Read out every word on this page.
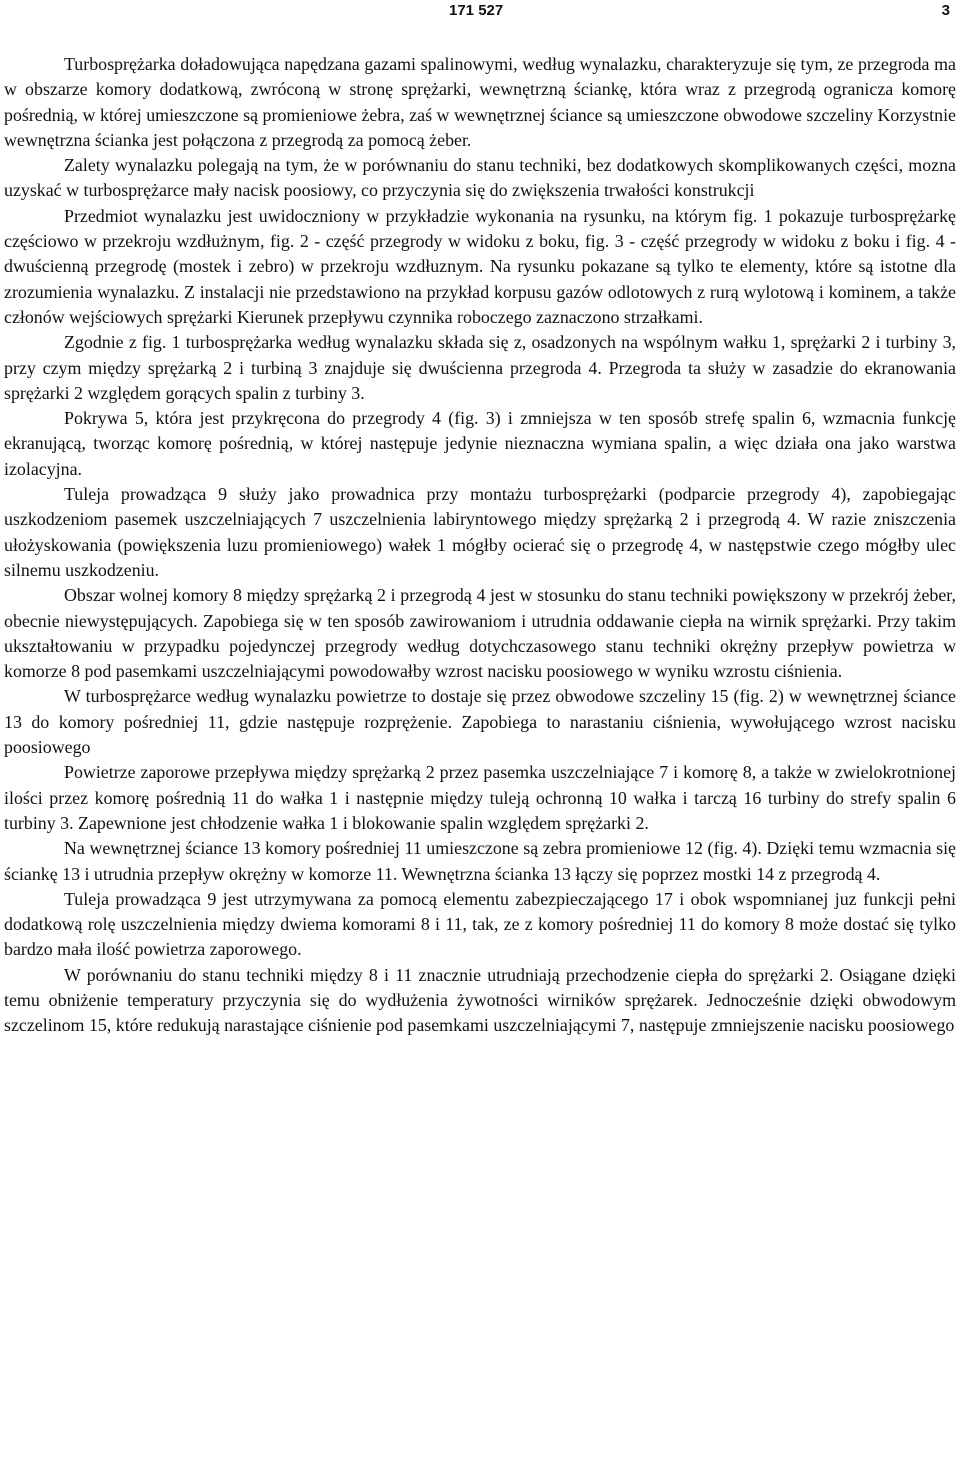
171 527	3

Turbosprężarka doładowująca napędzana gazami spalinowymi, według wynalazku, charakteryzuje się tym, ze przegroda ma w obszarze komory dodatkową, zwróconą w stronę sprężarki, wewnętrzną ściankę, która wraz z przegrodą ogranicza komorę pośrednią, w której umieszczone są promieniowe żebra, zaś w wewnętrznej ściance są umieszczone obwodowe szczeliny Korzystnie wewnętrzna ścianka jest połączona z przegrodą za pomocą żeber.

Zalety wynalazku polegają na tym, że w porównaniu do stanu techniki, bez dodatkowych skomplikowanych części, mozna uzyskać w turbosprężarce mały nacisk poosiowy, co przyczynia się do zwiększenia trwałości konstrukcji

Przedmiot wynalazku jest uwidoczniony w przykładzie wykonania na rysunku, na którym fig. 1 pokazuje turbosprężarkę częściowo w przekroju wzdłużnym, fig. 2 - część przegrody w widoku z boku, fig. 3 - część przegrody w widoku z boku i fig. 4 - dwuścienną przegrodę (mostek i zebro) w przekroju wzdłuznym. Na rysunku pokazane są tylko te elementy, które są istotne dla zrozumienia wynalazku. Z instalacji nie przedstawiono na przykład korpusu gazów odlotowych z rurą wylotową i kominem, a także członów wejściowych sprężarki Kierunek przepływu czynnika roboczego zaznaczono strzałkami.

Zgodnie z fig. 1 turbosprężarka według wynalazku składa się z, osadzonych na wspólnym wałku 1, sprężarki 2 i turbiny 3, przy czym między sprężarką 2 i turbiną 3 znajduje się dwuścienna przegroda 4. Przegroda ta służy w zasadzie do ekranowania sprężarki 2 względem gorących spalin z turbiny 3.

Pokrywa 5, która jest przykręcona do przegrody 4 (fig. 3) i zmniejsza w ten sposób strefę spalin 6, wzmacnia funkcję ekranującą, tworząc komorę pośrednią, w której następuje jedynie nieznaczna wymiana spalin, a więc działa ona jako warstwa izolacyjna.

Tuleja prowadząca 9 służy jako prowadnica przy montażu turbosprężarki (podparcie przegrody 4), zapobiegając uszkodzeniom pasemek uszczelniających 7 uszczelnienia labiryntowego między sprężarką 2 i przegrodą 4. W razie zniszczenia ułożyskowania (powiększenia luzu promieniowego) wałek 1 mógłby ocierać się o przegrodę 4, w następstwie czego mógłby ulec silnemu uszkodzeniu.

Obszar wolnej komory 8 między sprężarką 2 i przegrodą 4 jest w stosunku do stanu techniki powiększony w przekrój żeber, obecnie niewystępujących. Zapobiega się w ten sposób zawirowaniom i utrudnia oddawanie ciepła na wirnik sprężarki. Przy takim ukształtowaniu w przypadku pojedynczej przegrody według dotychczasowego stanu techniki okrężny przepływ powietrza w komorze 8 pod pasemkami uszczelniającymi powodowałby wzrost nacisku poosiowego w wyniku wzrostu ciśnienia.

W turbosprężarce według wynalazku powietrze to dostaje się przez obwodowe szczeliny 15 (fig. 2) w wewnętrznej ściance 13 do komory pośredniej 11, gdzie następuje rozprężenie. Zapobiega to narastaniu ciśnienia, wywołującego wzrost nacisku poosiowego

Powietrze zaporowe przepływa między sprężarką 2 przez pasemka uszczelniające 7 i komorę 8, a także w zwielokrotnionej ilości przez komorę pośrednią 11 do wałka 1 i następnie między tuleją ochronną 10 wałka i tarczą 16 turbiny do strefy spalin 6 turbiny 3. Zapewnione jest chłodzenie wałka 1 i blokowanie spalin względem sprężarki 2.

Na wewnętrznej ściance 13 komory pośredniej 11 umieszczone są zebra promieniowe 12 (fig. 4). Dzięki temu wzmacnia się ściankę 13 i utrudnia przepływ okrężny w komorze 11. Wewnętrzna ścianka 13 łączy się poprzez mostki 14 z przegrodą 4.

Tuleja prowadząca 9 jest utrzymywana za pomocą elementu zabezpieczającego 17 i obok wspomnianej juz funkcji pełni dodatkową rolę uszczelnienia między dwiema komorami 8 i 11, tak, ze z komory pośredniej 11 do komory 8 może dostać się tylko bardzo mała ilość powietrza zaporowego.

W porównaniu do stanu techniki między 8 i 11 znacznie utrudniają przechodzenie ciepła do sprężarki 2. Osiągane dzięki temu obniżenie temperatury przyczynia się do wydłużenia żywotności wirników sprężarek. Jednocześnie dzięki obwodowym szczelinom 15, które redukują narastające ciśnienie pod pasemkami uszczelniającymi 7, następuje zmniejszenie nacisku poosiowego
